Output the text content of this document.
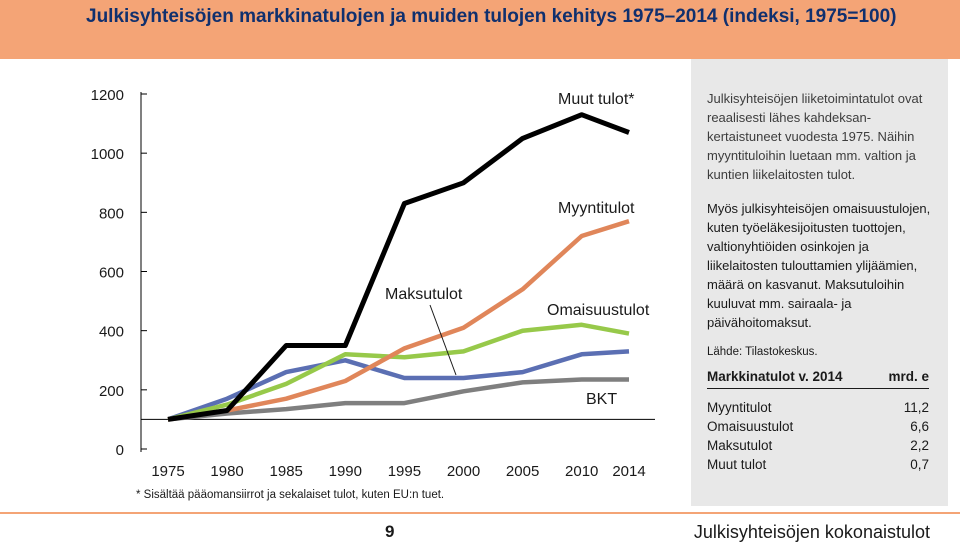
Julkisyhteisöjen markkinatulojen ja muiden tulojen kehitys 1975–2014 (indeksi, 1975=100)
0
200
400
600
800
1000
1200
1975 1980 1985 1990 1995 2000 2005 2010 2014
Muut tulot*
Myyntitulot
Omaisuustulot
Maksutulot
BKT
* Sisältää pääomansiirrot ja sekalaiset tulot, kuten EU:n tuet.

Julkisyhteisöjen liiketoimintatulot ovat reaalisesti lähes kahdeksankertaistuneet vuodesta 1975. Näihin myyntituloihin luetaan mm. valtion ja kuntien liikelaitosten tulot.

Myös julkisyhteisöjen omaisuustulojen, kuten työeläkesijoitusten tuottojen, valtionyhtiöiden osinkojen ja liikelaitosten tulouttamien ylijäämien, määrä on kasvanut. Maksutuloihin kuuluvat mm. sairaala- ja päivähoitomaksut.

Lähde: Tilastokeskus.

Markkinatulot v. 2014	mrd. e
Myyntitulot	11,2
Omaisuustulot	6,6
Maksutulot	2,2
Muut tulot	0,7
9	Julkisyhteisöjen kokonaistulot
